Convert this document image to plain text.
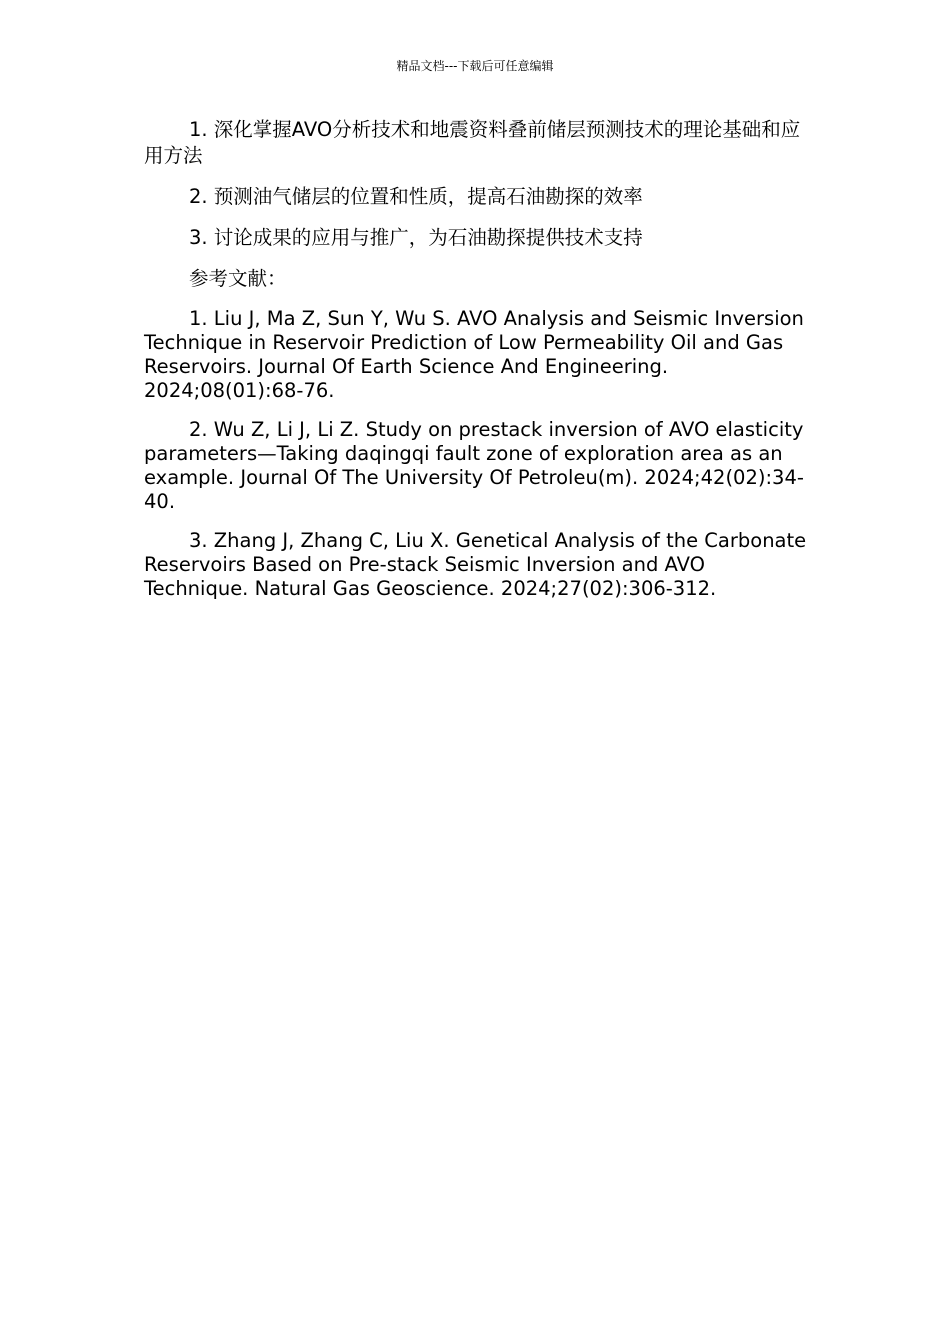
精品文档---下载后可任意编辑

1. 深化掌握AVO分析技术和地震资料叠前储层预测技术的理论基础和应用方法

2. 预测油气储层的位置和性质，提高石油勘探的效率

3. 讨论成果的应用与推广，为石油勘探提供技术支持

参考文献：

1. Liu J, Ma Z, Sun Y, Wu S. AVO Analysis and Seismic Inversion Technique in Reservoir Prediction of Low Permeability Oil and Gas Reservoirs. Journal Of Earth Science And Engineering. 2024;08(01):68-76.

2. Wu Z, Li J, Li Z. Study on prestack inversion of AVO elasticity parameters—Taking daqingqi fault zone of exploration area as an example. Journal Of The University Of Petroleu(m). 2024;42(02):34-40.

3. Zhang J, Zhang C, Liu X. Genetical Analysis of the Carbonate Reservoirs Based on Pre-stack Seismic Inversion and AVO Technique. Natural Gas Geoscience. 2024;27(02):306-312.
